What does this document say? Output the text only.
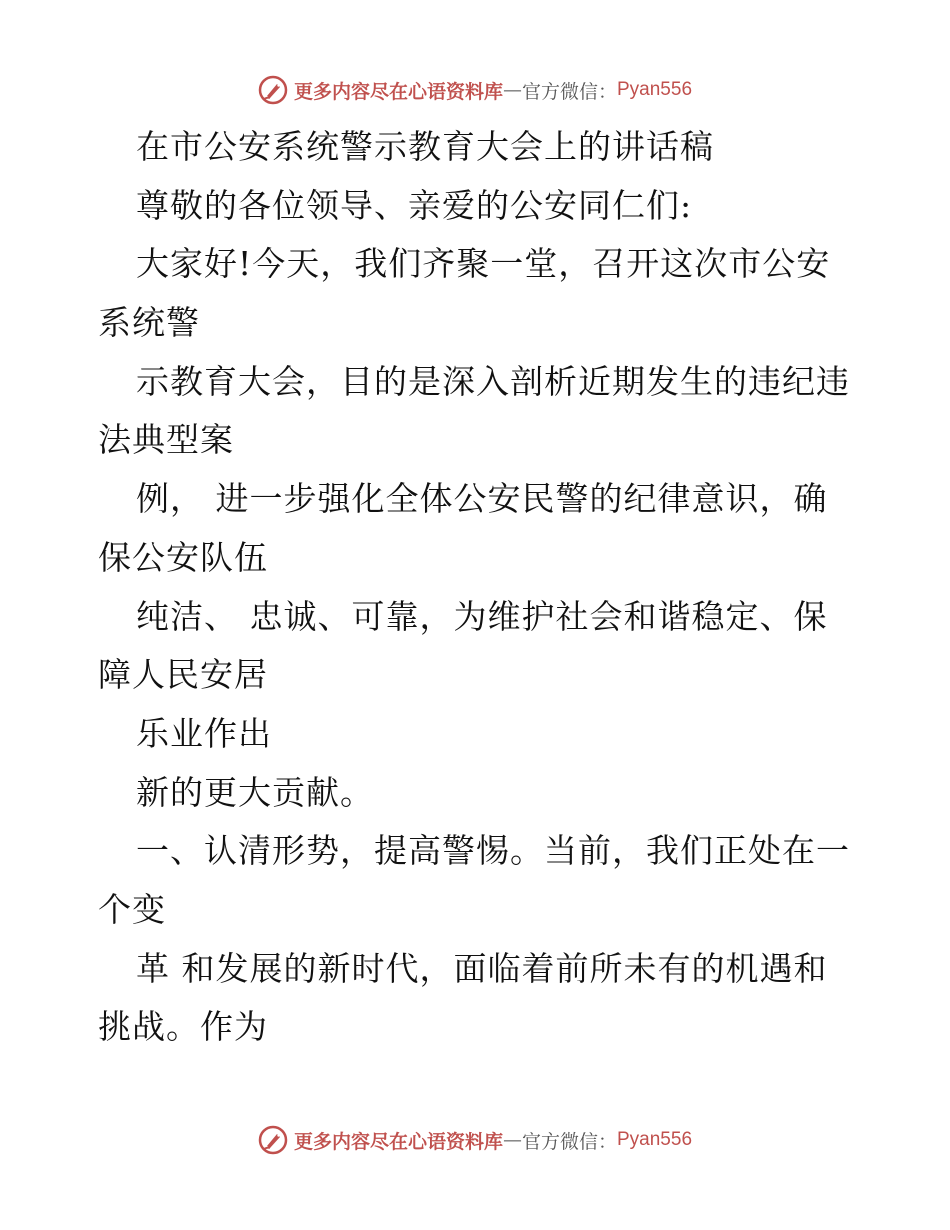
更多内容尽在心语资料库 — 官方微信： Pyan556
在市公安系统警示教育大会上的讲话稿
尊敬的各位领导、亲爱的公安同仁们:
大家好!今天，我们齐聚一堂，召开这次市公安
系统警
示教育大会，目的是深入剖析近期发生的违纪违
法典型案
例， 进一步强化全体公安民警的纪律意识，确
保公安队伍
纯洁、 忠诚、可靠，为维护社会和谐稳定、保
障人民安居
乐业作出
新的更大贡献。
一、认清形势，提高警惕。当前，我们正处在一
个变
革 和发展的新时代，面临着前所未有的机遇和
挑战。作为
更多内容尽在心语资料库 — 官方微信： Pyan556
